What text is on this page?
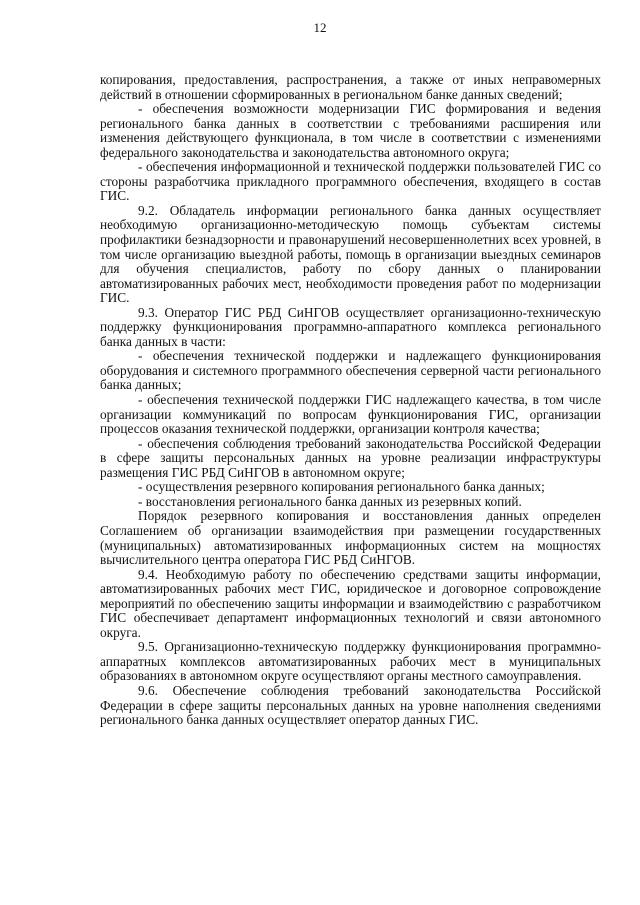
12

копирования, предоставления, распространения, а также от иных неправомерных действий в отношении сформированных в региональном банке данных сведений;

- обеспечения возможности модернизации ГИС формирования и ведения регионального банка данных в соответствии с требованиями расширения или изменения действующего функционала, в том числе в соответствии с изменениями федерального законодательства и законодательства автономного округа;

- обеспечения информационной и технической поддержки пользователей ГИС со стороны разработчика прикладного программного обеспечения, входящего в состав ГИС.

9.2. Обладатель информации регионального банка данных осуществляет необходимую организационно-методическую помощь субъектам системы профилактики безнадзорности и правонарушений несовершеннолетних всех уровней, в том числе организацию выездной работы, помощь в организации выездных семинаров для обучения специалистов, работу по сбору данных о планировании автоматизированных рабочих мест, необходимости проведения работ по модернизации ГИС.

9.3. Оператор ГИС РБД СиНГОВ осуществляет организационно-техническую поддержку функционирования программно-аппаратного комплекса регионального банка данных в части:

- обеспечения технической поддержки и надлежащего функционирования оборудования и системного программного обеспечения серверной части регионального банка данных;

- обеспечения технической поддержки ГИС надлежащего качества, в том числе организации коммуникаций по вопросам функционирования ГИС, организации процессов оказания технической поддержки, организации контроля качества;

- обеспечения соблюдения требований законодательства Российской Федерации в сфере защиты персональных данных на уровне реализации инфраструктуры размещения ГИС РБД СиНГОВ в автономном округе;

- осуществления резервного копирования регионального банка данных;

- восстановления регионального банка данных из резервных копий.

Порядок резервного копирования и восстановления данных определен Соглашением об организации взаимодействия при размещении государственных (муниципальных) автоматизированных информационных систем на мощностях вычислительного центра оператора ГИС РБД СиНГОВ.

9.4. Необходимую работу по обеспечению средствами защиты информации, автоматизированных рабочих мест ГИС, юридическое и договорное сопровождение мероприятий по обеспечению защиты информации и взаимодействию с разработчиком ГИС обеспечивает департамент информационных технологий и связи автономного округа.

9.5. Организационно-техническую поддержку функционирования программно-аппаратных комплексов автоматизированных рабочих мест в муниципальных образованиях в автономном округе осуществляют органы местного самоуправления.

9.6. Обеспечение соблюдения требований законодательства Российской Федерации в сфере защиты персональных данных на уровне наполнения сведениями регионального банка данных осуществляет оператор данных ГИС.
